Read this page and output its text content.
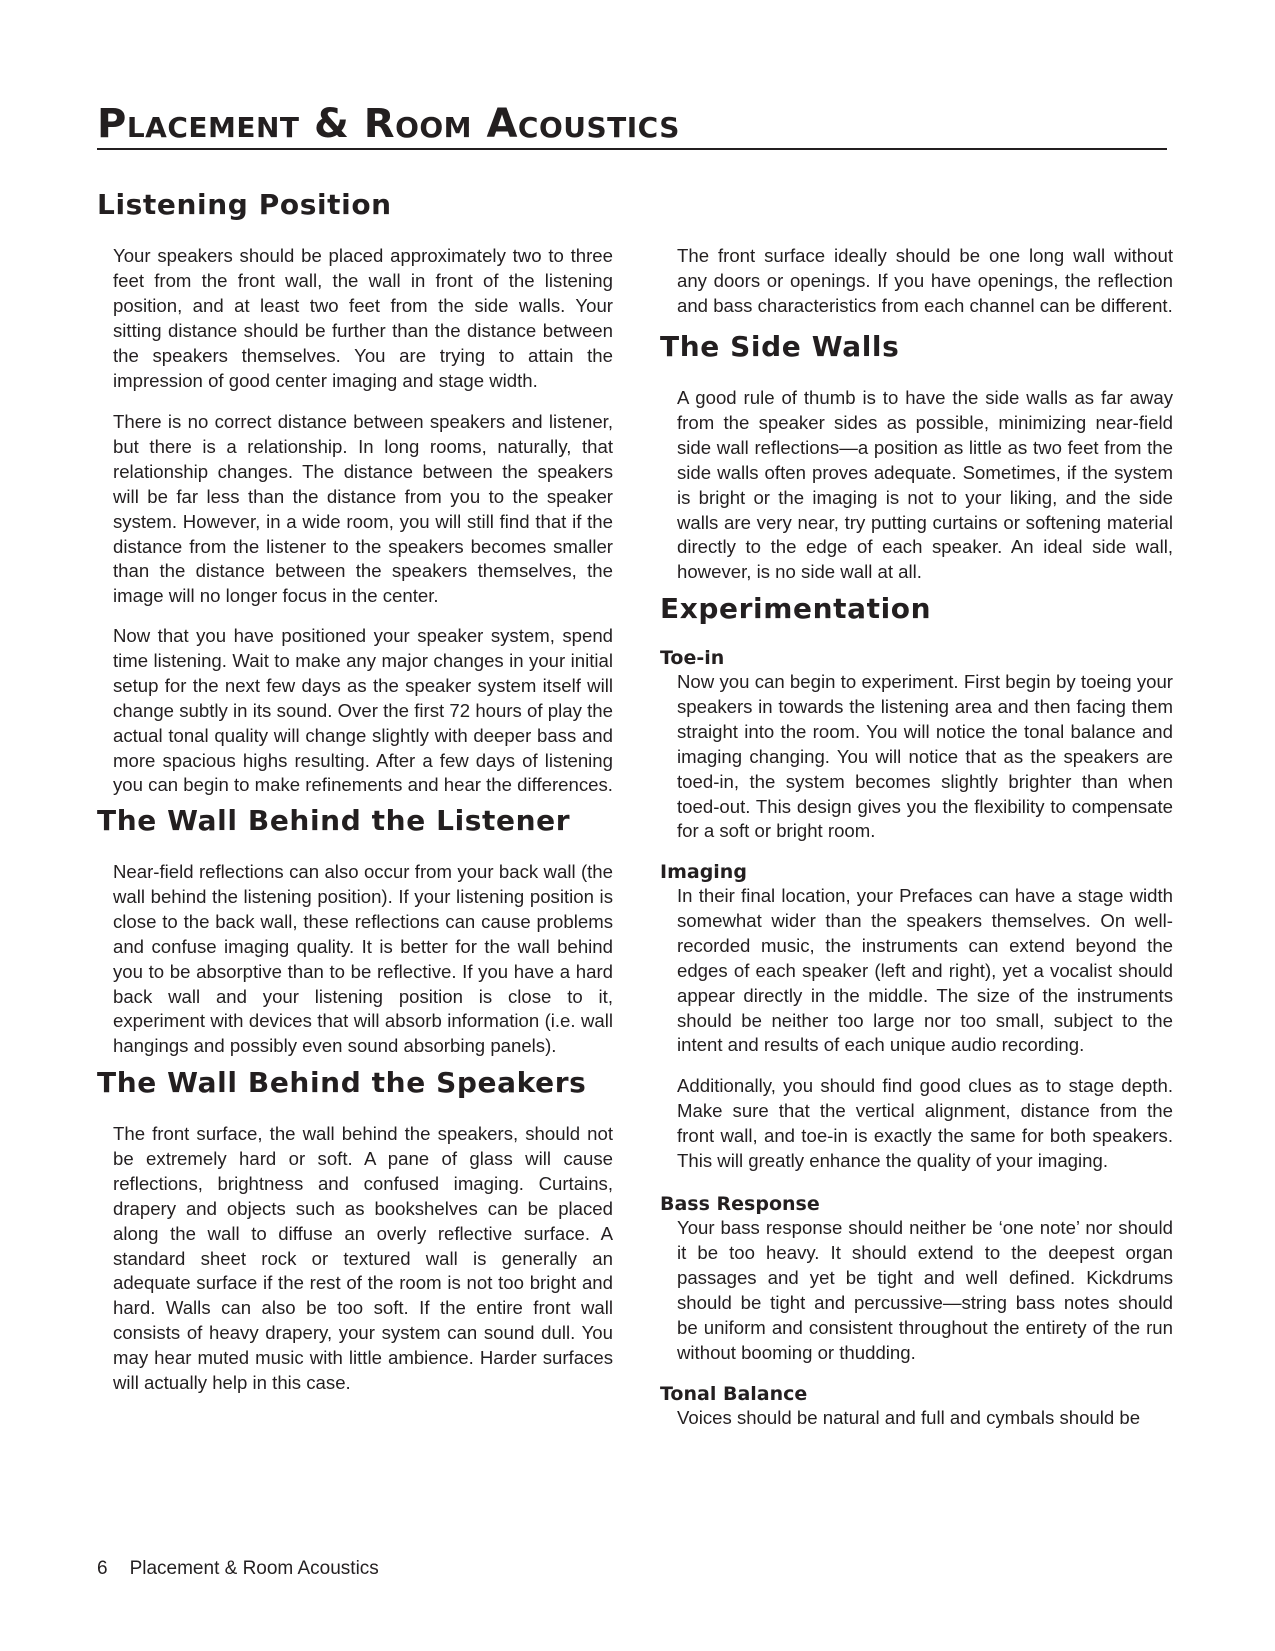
Placement & Room Acoustics
Listening Position

Your speakers should be placed approximately two to three feet from the front wall, the wall in front of the listening position, and at least two feet from the side walls. Your sitting distance should be further than the distance between the speakers themselves. You are trying to attain the impression of good center imaging and stage width.

There is no correct distance between speakers and listener, but there is a relationship. In long rooms, naturally, that relationship changes. The distance between the speakers will be far less than the distance from you to the speaker system. However, in a wide room, you will still find that if the distance from the listener to the speakers becomes smaller than the distance between the speakers themselves, the image will no longer focus in the center.

Now that you have positioned your speaker system, spend time listening. Wait to make any major changes in your initial setup for the next few days as the speaker system itself will change subtly in its sound. Over the first 72 hours of play the actual tonal quality will change slightly with deeper bass and more spacious highs resulting. After a few days of listening you can begin to make refinements and hear the differences.

The Wall Behind the Listener

Near-field reflections can also occur from your back wall (the wall behind the listening position). If your listening position is close to the back wall, these reflections can cause problems and confuse imaging quality. It is better for the wall behind you to be absorptive than to be reflective. If you have a hard back wall and your listening position is close to it, experiment with devices that will absorb information (i.e. wall hangings and possibly even sound absorbing panels).

The Wall Behind the Speakers

The front surface, the wall behind the speakers, should not be extremely hard or soft. A pane of glass will cause reflections, brightness and confused imaging. Curtains, drapery and objects such as bookshelves can be placed along the wall to diffuse an overly reflective surface. A standard sheet rock or textured wall is generally an adequate surface if the rest of the room is not too bright and hard. Walls can also be too soft. If the entire front wall consists of heavy drapery, your system can sound dull. You may hear muted music with little ambience. Harder surfaces will actually help in this case.

The front surface ideally should be one long wall without any doors or openings. If you have openings, the reflection and bass characteristics from each channel can be different.

The Side Walls

A good rule of thumb is to have the side walls as far away from the speaker sides as possible, minimizing near-field side wall reflections—a position as little as two feet from the side walls often proves adequate. Sometimes, if the system is bright or the imaging is not to your liking, and the side walls are very near, try putting curtains or softening material directly to the edge of each speaker. An ideal side wall, however, is no side wall at all.

Experimentation
Toe-in

Now you can begin to experiment. First begin by toeing your speakers in towards the listening area and then facing them straight into the room. You will notice the tonal balance and imaging changing. You will notice that as the speakers are toed-in, the system becomes slightly brighter than when toed-out. This design gives you the flexibility to compensate for a soft or bright room.

Imaging

In their final location, your Prefaces can have a stage width somewhat wider than the speakers themselves. On well-recorded music, the instruments can extend beyond the edges of each speaker (left and right), yet a vocalist should appear directly in the middle. The size of the instruments should be neither too large nor too small, subject to the intent and results of each unique audio recording.

Additionally, you should find good clues as to stage depth. Make sure that the vertical alignment, distance from the front wall, and toe-in is exactly the same for both speakers. This will greatly enhance the quality of your imaging.

Bass Response

Your bass response should neither be ‘one note’ nor should it be too heavy. It should extend to the deepest organ passages and yet be tight and well defined. Kickdrums should be tight and percussive—string bass notes should be uniform and consistent throughout the entirety of the run without booming or thudding.

Tonal Balance

Voices should be natural and full and cymbals should be

6 Placement & Room Acoustics
